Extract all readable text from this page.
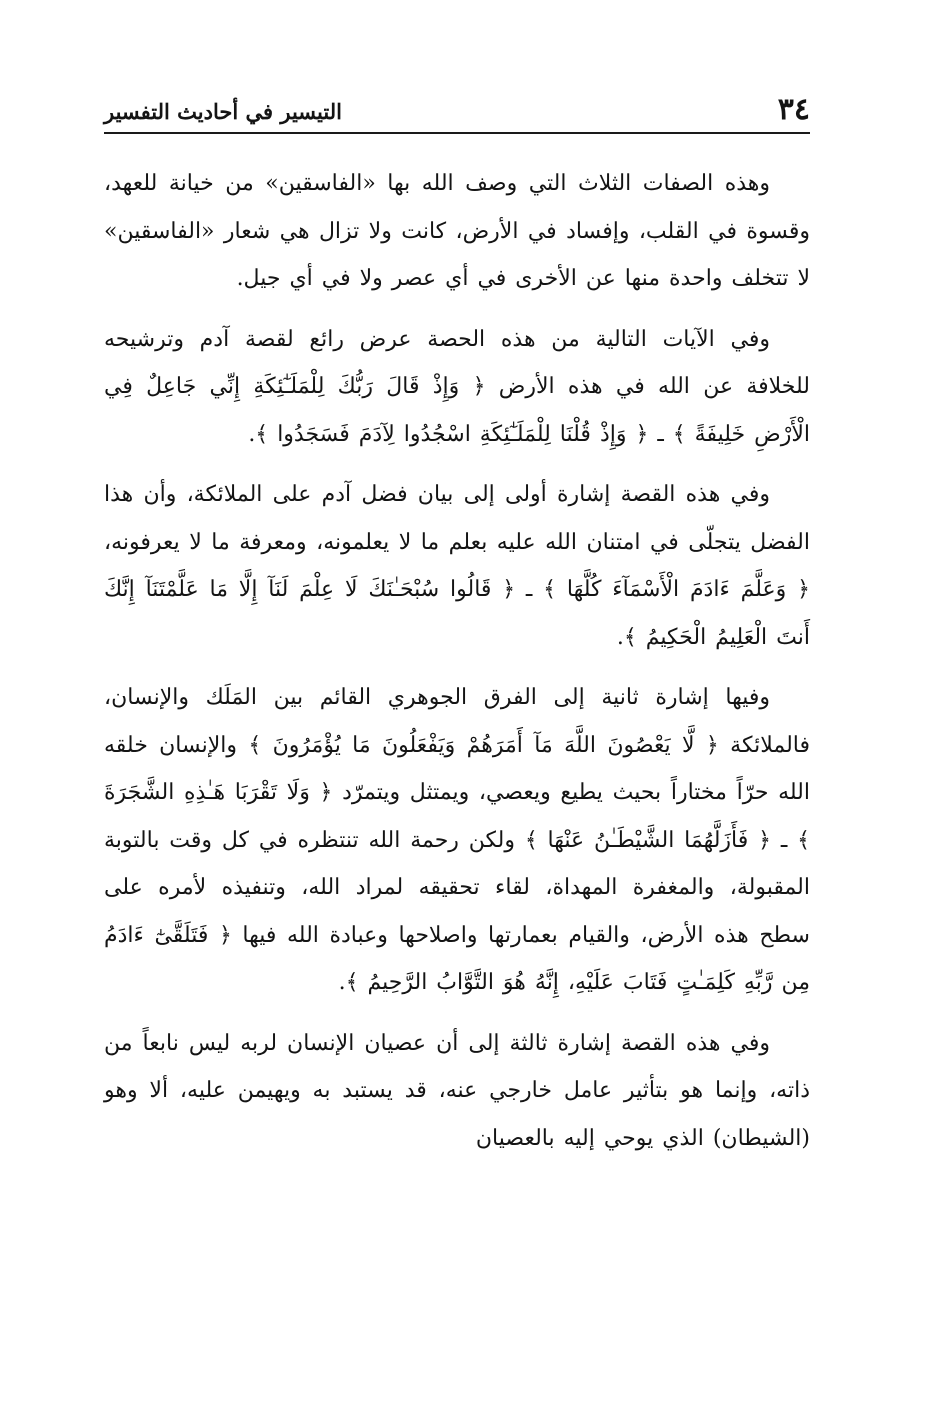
٣٤
التيسير في أحاديث التفسير

وهذه الصفات الثلاث التي وصف الله بها «الفاسقين» من خيانة للعهد، وقسوة في القلب، وإفساد في الأرض، كانت ولا تزال هي شعار «الفاسقين» لا تتخلف واحدة منها عن الأخرى في أي عصر ولا في أي جيل.

وفي الآيات التالية من هذه الحصة عرض رائع لقصة آدم وترشيحه للخلافة عن الله في هذه الأرض ﴿ وَإِذْ قَالَ رَبُّكَ لِلْمَلَـٰٓئِكَةِ إِنِّي جَاعِلٌ فِي الْأَرْضِ خَلِيفَةً ﴾ ـ ﴿ وَإِذْ قُلْنَا لِلْمَلَـٰٓئِكَةِ اسْجُدُوا لِآدَمَ فَسَجَدُوا ﴾.

وفي هذه القصة إشارة أولى إلى بيان فضل آدم على الملائكة، وأن هذا الفضل يتجلّى في امتنان الله عليه بعلم ما لا يعلمونه، ومعرفة ما لا يعرفونه، ﴿ وَعَلَّمَ ءَادَمَ الْأَسْمَآءَ كُلَّهَا ﴾ ـ ﴿ قَالُوا سُبْحَـٰنَكَ لَا عِلْمَ لَنَآ إِلَّا مَا عَلَّمْتَنَآ إِنَّكَ أَنتَ الْعَلِيمُ الْحَكِيمُ ﴾.

وفيها إشارة ثانية إلى الفرق الجوهري القائم بين المَلَك والإنسان، فالملائكة ﴿ لَّا يَعْصُونَ اللَّهَ مَآ أَمَرَهُمْ وَيَفْعَلُونَ مَا يُؤْمَرُونَ ﴾ والإنسان خلقه الله حرّاً مختاراً بحيث يطيع ويعصي، ويمتثل ويتمرّد ﴿ وَلَا تَقْرَبَا هَـٰذِهِ الشَّجَرَةَ ﴾ ـ ﴿ فَأَزَلَّهُمَا الشَّيْطَـٰنُ عَنْهَا ﴾ ولكن رحمة الله تنتظره في كل وقت بالتوبة المقبولة، والمغفرة المهداة، لقاء تحقيقه لمراد الله، وتنفيذه لأمره على سطح هذه الأرض، والقيام بعمارتها واصلاحها وعبادة الله فيها ﴿ فَتَلَقَّىٰٓ ءَادَمُ مِن رَّبِّهِ كَلِمَـٰتٍ فَتَابَ عَلَيْهِ، إِنَّهُ هُوَ التَّوَّابُ الرَّحِيمُ ﴾.

وفي هذه القصة إشارة ثالثة إلى أن عصيان الإنسان لربه ليس نابعاً من ذاته، وإنما هو بتأثير عامل خارجي عنه، قد يستبد به ويهيمن عليه، ألا وهو (الشيطان) الذي يوحي إليه بالعصيان
